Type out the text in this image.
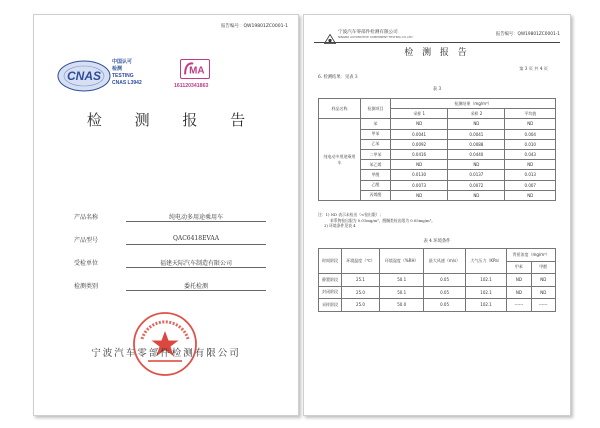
报告编号：QW19801ZC0001-1
CNAS
中国认可
检测
TESTING
CNAS L3942
MA
161120341863
检 测 报 告
产品名称	纯电动多用途乘用车
产品型号	QAC6418EVAA
受检单位	福建天际汽车制造有限公司
检测类别	委托检测
宁波汽车零部件检测有限公司
宁波汽车零部件检测有限公司
NINGBO AUTOMOTIVE COMPONENT TESTING CO.,LTD	报告编号：QW19801ZC0001-1
检 测 报 告
第 3 页 共 4 页
6. 检测结果：见表 3
表 3
样品名称	检测项目	检测结果（mg/m³）		
		采样 1	采样 2	平均值
纯电动多用途乘用车	苯	ND	ND	ND
	甲苯	0.0041	0.0041	0.004
	乙苯	0.0092	0.0088	0.010
	二甲苯	0.0416	0.0440	0.043
	苯乙烯	ND	ND	ND
	甲醛	0.0130	0.0137	0.013
	乙醛	0.0073	0.0072	0.007
	丙烯醛	ND	ND	ND
注：1) ND 表示未检出（<检出限）；
苯系物检出限为 0.01mg/m³，醛酮类检出限为 0.05mg/m³。
2) 环境条件见表 4
表 4 环境条件
时间阶段	环境温度（℃）	环境湿度（%RH）	最大风速（m/s）	大气压力（KPa）	背景浓度（mg/m³）	
					甲苯	甲醛
静置阶段	25.1	50.1	0.05	102.1	ND	ND
封闭阶段	25.0	50.1	0.05	102.1	ND	ND
采样阶段	25.0	50.0	0.05	102.1	------	------
